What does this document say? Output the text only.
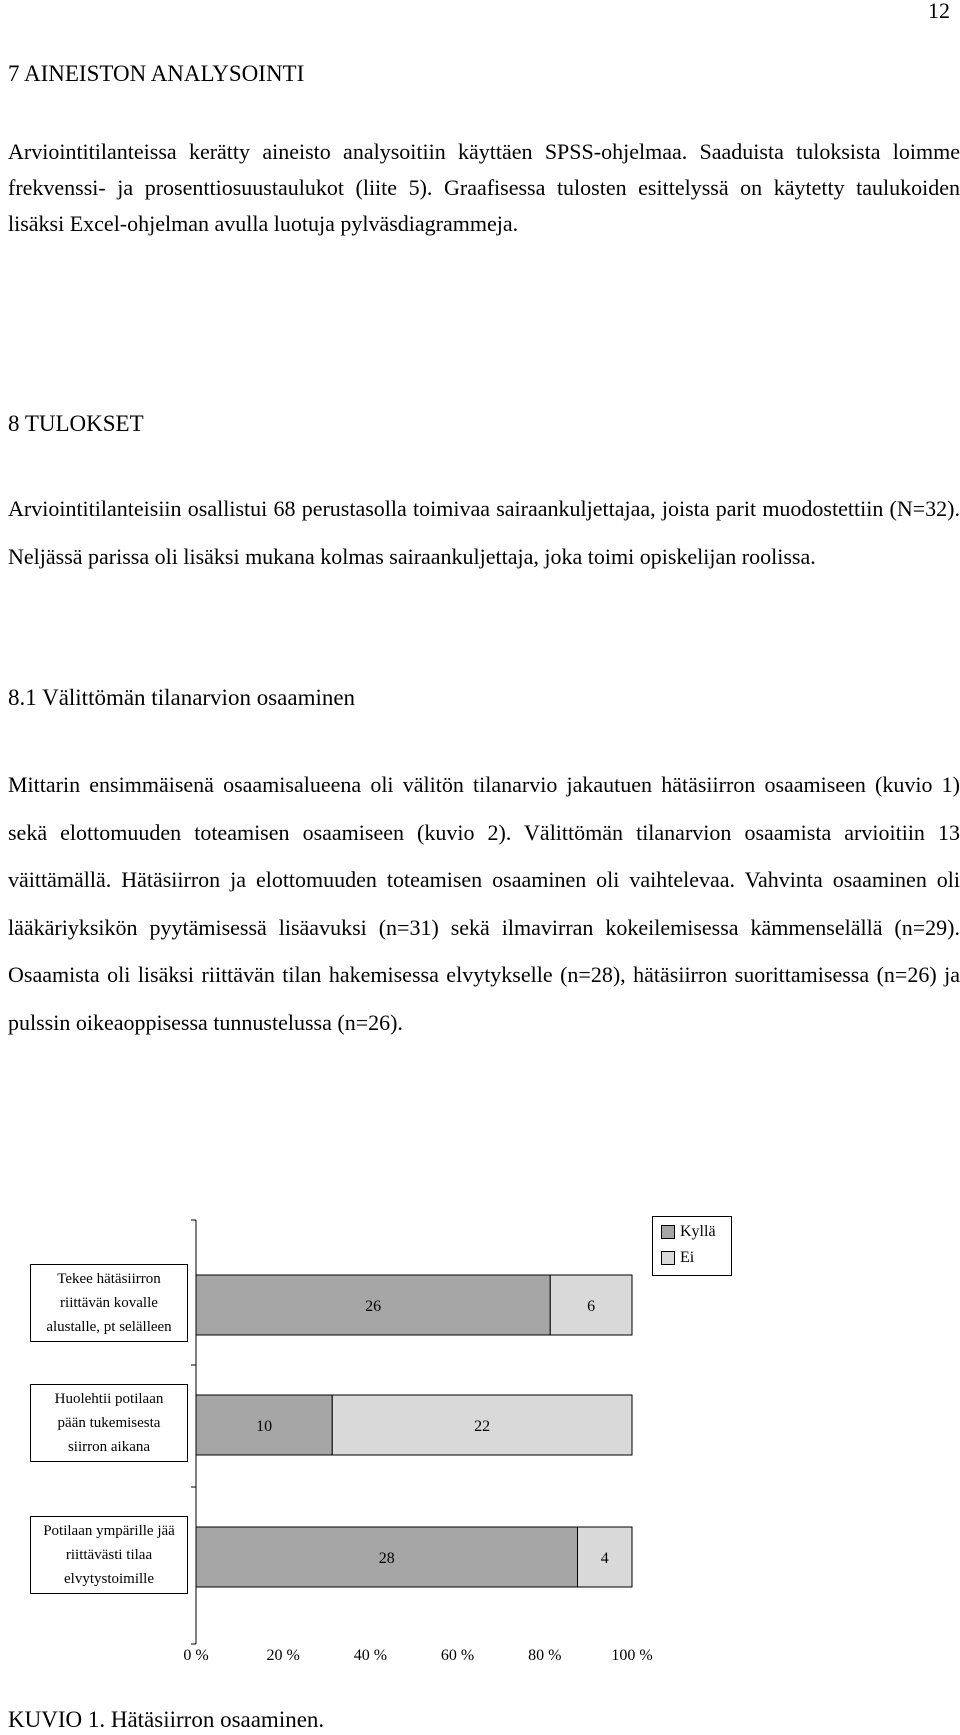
12
7 AINEISTON ANALYSOINTI

Arviointitilanteissa kerätty aineisto analysoitiin käyttäen SPSS-ohjelmaa. Saaduista tuloksista loimme frekvenssi- ja prosenttiosuustaulukot (liite 5). Graafisessa tulosten esittelyssä on käytetty taulukoiden lisäksi Excel-ohjelman avulla luotuja pylväsdiagrammeja.

8 TULOKSET

Arviointitilanteisiin osallistui 68 perustasolla toimivaa sairaankuljettajaa, joista parit muodostettiin (N=32). Neljässä parissa oli lisäksi mukana kolmas sairaankuljettaja, joka toimi opiskelijan roolissa.

8.1 Välittömän tilanarvion osaaminen

Mittarin ensimmäisenä osaamisalueena oli välitön tilanarvio jakautuen hätäsiirron osaamiseen (kuvio 1) sekä elottomuuden toteamisen osaamiseen (kuvio 2). Välittömän tilanarvion osaamista arvioitiin 13 väittämällä. Hätäsiirron ja elottomuuden toteamisen osaaminen oli vaihtelevaa. Vahvinta osaaminen oli lääkäriyksikön pyytämisessä lisäavuksi (n=31) sekä ilmavirran kokeilemisessa kämmenselällä (n=29). Osaamista oli lisäksi riittävän tilan hakemisessa elvytykselle (n=28), hätäsiirron suorittamisessa (n=26) ja pulssin oikeaoppisessa tunnustelussa (n=26).

26	6
10	22
28	4
0 %	20 %	40 %	60 %	80 %	100 %
Tekee hätäsiirron
riittävän kovalle
alustalle, pt selälleen
Huolehtii potilaan
pään tukemisesta
siirron aikana
Potilaan ympärille jää
riittävästi tilaa
elvytystoimille
Kyllä
Ei

KUVIO 1. Hätäsiirron osaaminen.
